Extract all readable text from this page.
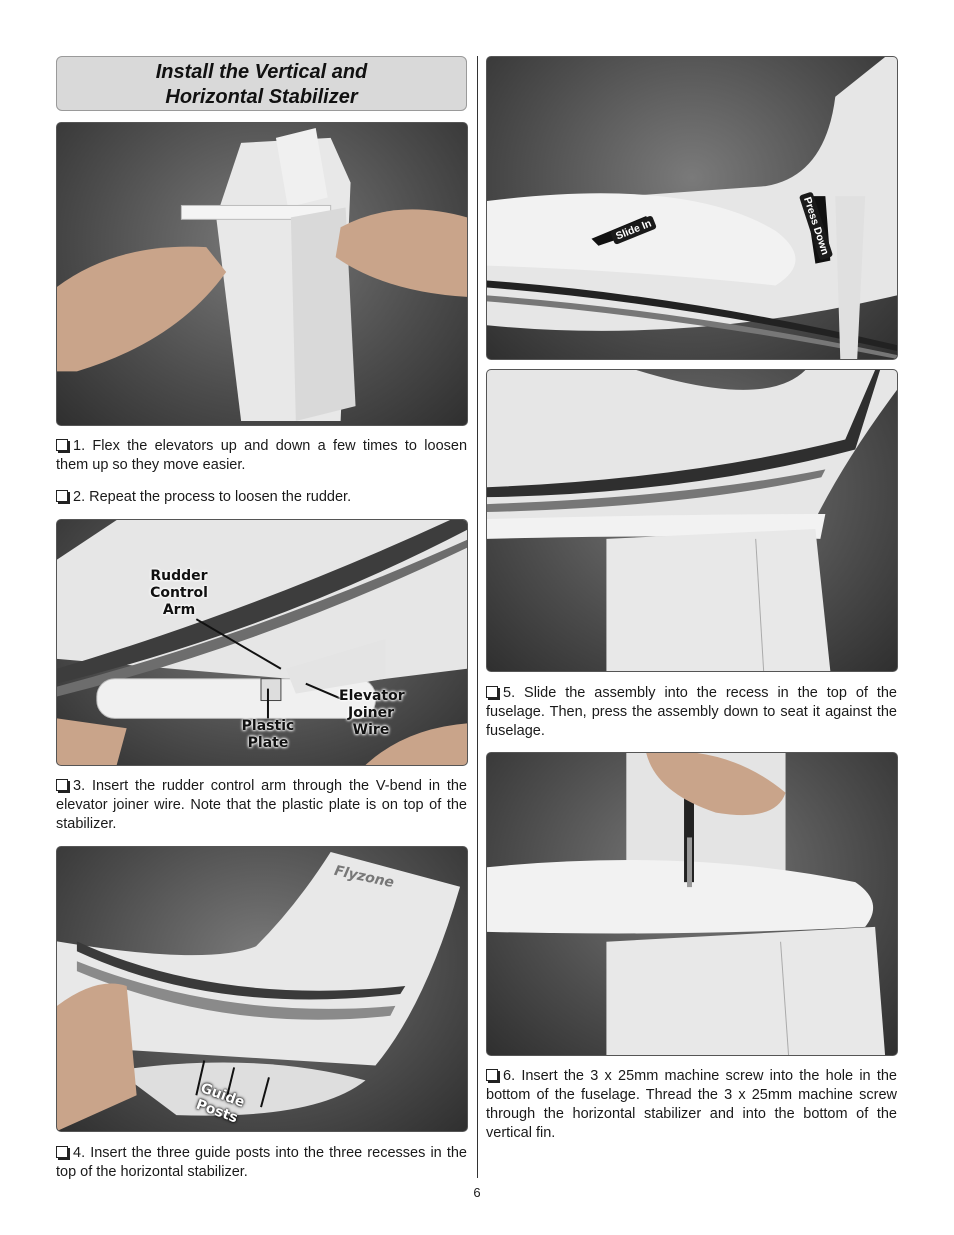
Install the Vertical and
Horizontal Stabilizer
1. Flex the elevators up and down a few times to loosen them up so they move easier.
2. Repeat the process to loosen the rudder.
Rudder
Control
Arm
Plastic Plate
Elevator
Joiner
Wire
3. Insert the rudder control arm through the V-bend in the elevator joiner wire. Note that the plastic plate is on top of the stabilizer.
Flyzone
Guide Posts
4. Insert the three guide posts into the three recesses in the top of the horizontal stabilizer.
Slide In	Press Down
5. Slide the assembly into the recess in the top of the fuselage. Then, press the assembly down to seat it against the fuselage.
6. Insert the 3 x 25mm machine screw into the hole in the bottom of the fuselage. Thread the 3 x 25mm machine screw through the horizontal stabilizer and into the bottom of the vertical fin.
6
